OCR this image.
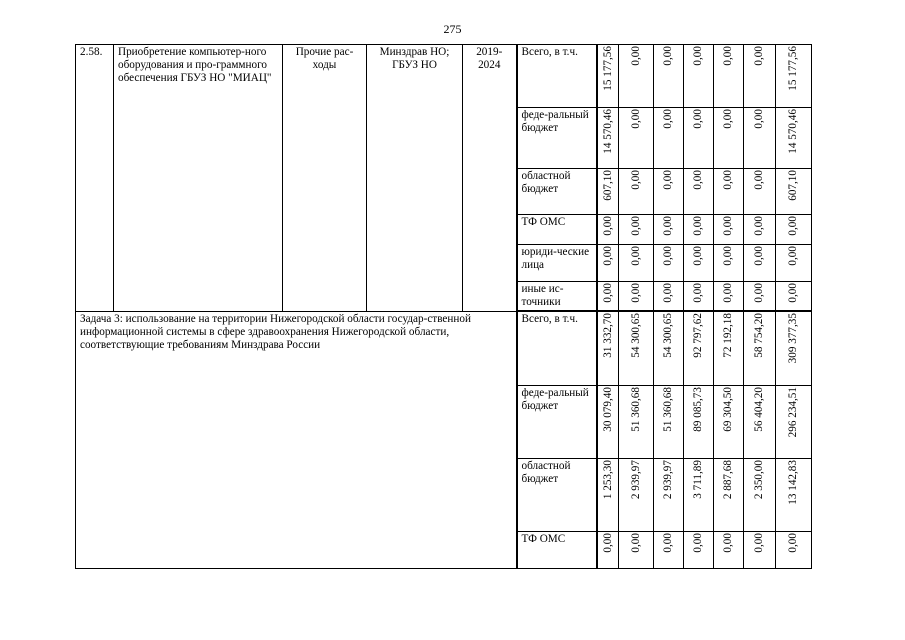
275
2.58.	Приобретение компьютер-ного оборудования и про-граммного обеспечения ГБУЗ НО "МИАЦ"	Прочие рас-ходы	Минздрав НО; ГБУЗ НО	2019-2024	Всего, в т.ч.	15 177,56	0,00	0,00	0,00	0,00	0,00	15 177,56

					феде-ральный бюджет	14 570,46	0,00	0,00	0,00	0,00	0,00	14 570,46

					областной бюджет	607,10	0,00	0,00	0,00	0,00	0,00	607,10

					ТФ ОМС	0,00	0,00	0,00	0,00	0,00	0,00	0,00

					юриди-ческие лица	0,00	0,00	0,00	0,00	0,00	0,00	0,00

					иные ис-точники	0,00	0,00	0,00	0,00	0,00	0,00	0,00

Задача 3: использование на территории Нижегородской области государ-ственной информационной системы в сфере здравоохранения Нижегородской области, соответствующие требованиям Минздрава России					Всего, в т.ч.	31 332,70	54 300,65	54 300,65	92 797,62	72 192,18	58 754,20	309 377,35

					феде-ральный бюджет	30 079,40	51 360,68	51 360,68	89 085,73	69 304,50	56 404,20	296 234,51

					областной бюджет	1 253,30	2 939,97	2 939,97	3 711,89	2 887,68	2 350,00	13 142,83

					ТФ ОМС	0,00	0,00	0,00	0,00	0,00	0,00	0,00
